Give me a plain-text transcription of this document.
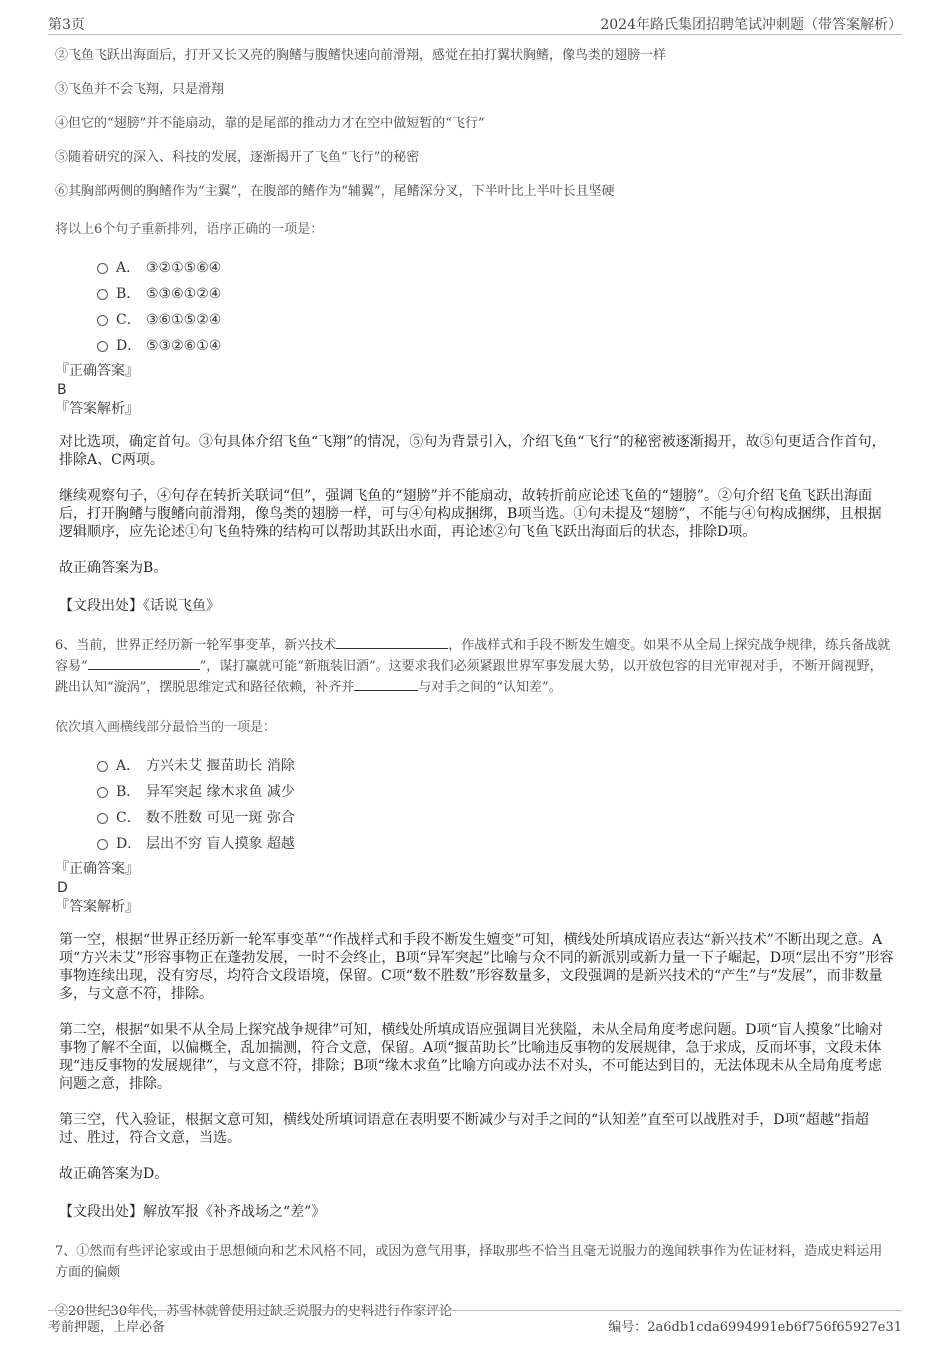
第3页	2024年路氏集团招聘笔试冲刺题（带答案解析）

②飞鱼飞跃出海面后，打开又长又亮的胸鳍与腹鳍快速向前滑翔，感觉在拍打翼状胸鳍，像鸟类的翅膀一样

③飞鱼并不会飞翔，只是滑翔

④但它的“翅膀”并不能扇动，靠的是尾部的推动力才在空中做短暂的“飞行”

⑤随着研究的深入、科技的发展，逐渐揭开了飞鱼“飞行”的秘密

⑥其胸部两侧的胸鳍作为“主翼”，在腹部的鳍作为“辅翼”，尾鳍深分叉，下半叶比上半叶长且坚硬

将以上6个句子重新排列，语序正确的一项是：

A． ③②①⑤⑥④
B． ⑤③⑥①②④
C． ③⑥①⑤②④
D． ⑤③②⑥①④

『正确答案』

B

『答案解析』

对比选项，确定首句。③句具体介绍飞鱼“飞翔”的情况，⑤句为背景引入，介绍飞鱼“飞行”的秘密被逐渐揭开，故⑤句更适合作首句，排除A、C两项。

继续观察句子，④句存在转折关联词“但”，强调飞鱼的“翅膀”并不能扇动，故转折前应论述飞鱼的“翅膀”。②句介绍飞鱼飞跃出海面后，打开胸鳍与腹鳍向前滑翔，像鸟类的翅膀一样，可与④句构成捆绑，B项当选。①句未提及“翅膀”，不能与④句构成捆绑，且根据逻辑顺序，应先论述①句飞鱼特殊的结构可以帮助其跃出水面，再论述②句飞鱼飞跃出海面后的状态，排除D项。

故正确答案为B。

【文段出处】《话说飞鱼》

6、当前，世界正经历新一轮军事变革，新兴技术	，作战样式和手段不断发生嬗变。如果不从全局上探究战争规律，练兵备战就容易“	”，谋打赢就可能“新瓶装旧酒”。这要求我们必须紧跟世界军事发展大势，以开放包容的目光审视对手，不断开阔视野，跳出认知“漩涡”，摆脱思维定式和路径依赖，补齐并	与对手之间的“认知差”。

依次填入画横线部分最恰当的一项是：

A． 方兴未艾 揠苗助长 消除
B． 异军突起 缘木求鱼 减少
C． 数不胜数 可见一斑 弥合
D． 层出不穷 盲人摸象 超越

『正确答案』

D

『答案解析』

第一空，根据“世界正经历新一轮军事变革”“作战样式和手段不断发生嬗变”可知，横线处所填成语应表达“新兴技术”不断出现之意。A项“方兴未艾”形容事物正在蓬勃发展，一时不会终止，B项“异军突起”比喻与众不同的新派别或新力量一下子崛起，D项“层出不穷”形容事物连续出现，没有穷尽，均符合文段语境，保留。C项“数不胜数”形容数量多，文段强调的是新兴技术的“产生”与“发展”，而非数量多，与文意不符，排除。

第二空，根据“如果不从全局上探究战争规律”可知，横线处所填成语应强调目光狭隘，未从全局角度考虑问题。D项“盲人摸象”比喻对事物了解不全面，以偏概全，乱加揣测，符合文意，保留。A项“揠苗助长”比喻违反事物的发展规律，急于求成，反而坏事，文段未体现“违反事物的发展规律”，与文意不符，排除；B项“缘木求鱼”比喻方向或办法不对头，不可能达到目的，无法体现未从全局角度考虑问题之意，排除。

第三空，代入验证，根据文意可知，横线处所填词语意在表明要不断减少与对手之间的“认知差”直至可以战胜对手，D项“超越”指超过、胜过，符合文意，当选。

故正确答案为D。

【文段出处】解放军报《补齐战场之“差”》

7、①然而有些评论家或由于思想倾向和艺术风格不同，或因为意气用事，择取那些不恰当且毫无说服力的逸闻轶事作为佐证材料，造成史料运用方面的偏颇

②20世纪30年代，苏雪林就曾使用过缺乏说服力的史料进行作家评论

考前押题，上岸必备	编号：2a6db1cda6994991eb6f756f65927e31
